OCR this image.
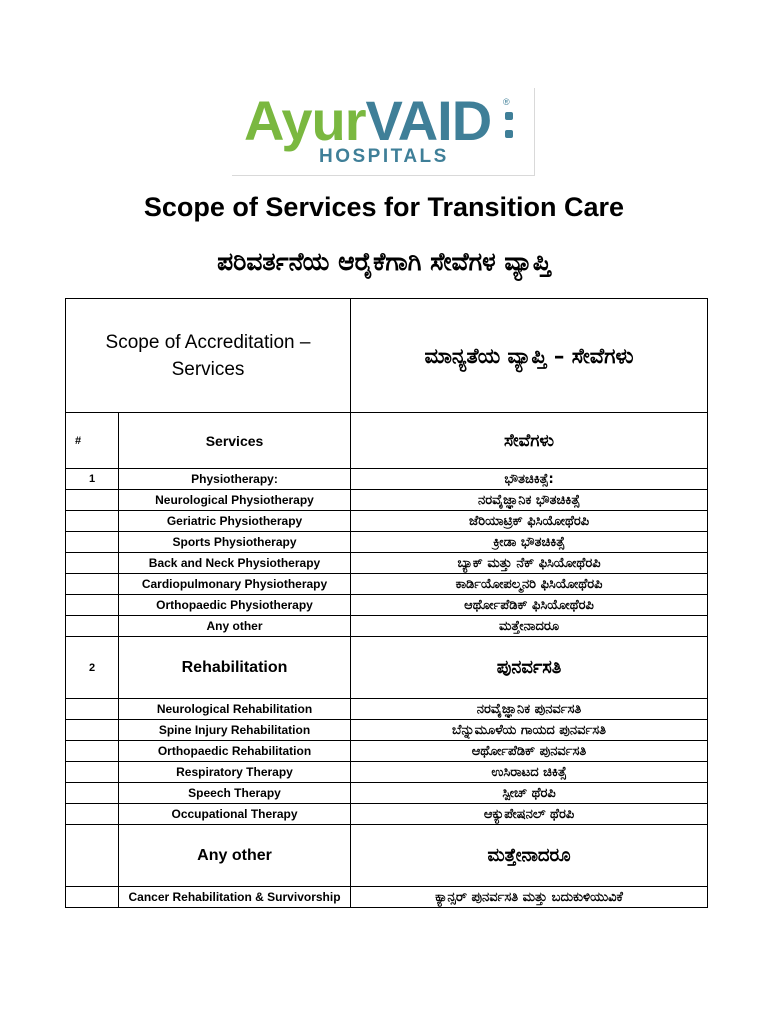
AyurVAID ®
HOSPITALS
Scope of Services for Transition Care
ಪರಿವರ್ತನೆಯ ಆರೈಕೆಗಾಗಿ ಸೇವೆಗಳ ವ್ಯಾಪ್ತಿ
Scope of Accreditation – Services		ಮಾನ್ಯತೆಯ ವ್ಯಾಪ್ತಿ – ಸೇವೆಗಳು
#	Services	ಸೇವೆಗಳು
1	Physiotherapy:	ಭೌತಚಿಕಿತ್ಸೆ:
	Neurological Physiotherapy	ನರವೈಜ್ಞಾನಿಕ ಭೌತಚಿಕಿತ್ಸೆ
	Geriatric Physiotherapy	ಜೆರಿಯಾಟ್ರಿಕ್ ಫಿಸಿಯೋಥೆರಪಿ
	Sports Physiotherapy	ಕ್ರೀಡಾ ಭೌತಚಿಕಿತ್ಸೆ
	Back and Neck Physiotherapy	ಬ್ಯಾಕ್ ಮತ್ತು ನೆಕ್ ಫಿಸಿಯೋಥೆರಪಿ
	Cardiopulmonary Physiotherapy	ಕಾರ್ಡಿಯೋಪಲ್ಮನರಿ ಫಿಸಿಯೋಥೆರಪಿ
	Orthopaedic Physiotherapy	ಆರ್ಥೋಪೆಡಿಕ್ ಫಿಸಿಯೋಥೆರಪಿ
	Any other	ಮತ್ತೇನಾದರೂ
2	Rehabilitation	ಪುನರ್ವಸತಿ
	Neurological Rehabilitation	ನರವೈಜ್ಞಾನಿಕ ಪುನರ್ವಸತಿ
	Spine Injury Rehabilitation	ಬೆನ್ನುಮೂಳೆಯ ಗಾಯದ ಪುನರ್ವಸತಿ
	Orthopaedic Rehabilitation	ಆರ್ಥೋಪೆಡಿಕ್ ಪುನರ್ವಸತಿ
	Respiratory Therapy	ಉಸಿರಾಟದ ಚಿಕಿತ್ಸೆ
	Speech Therapy	ಸ್ಪೀಚ್ ಥೆರಪಿ
	Occupational Therapy	ಆಕ್ಯುಪೇಷನಲ್ ಥೆರಪಿ
	Any other	ಮತ್ತೇನಾದರೂ
	Cancer Rehabilitation & Survivorship	ಕ್ಯಾನ್ಸರ್ ಪುನರ್ವಸತಿ ಮತ್ತು ಬದುಕುಳಿಯುವಿಕೆ
